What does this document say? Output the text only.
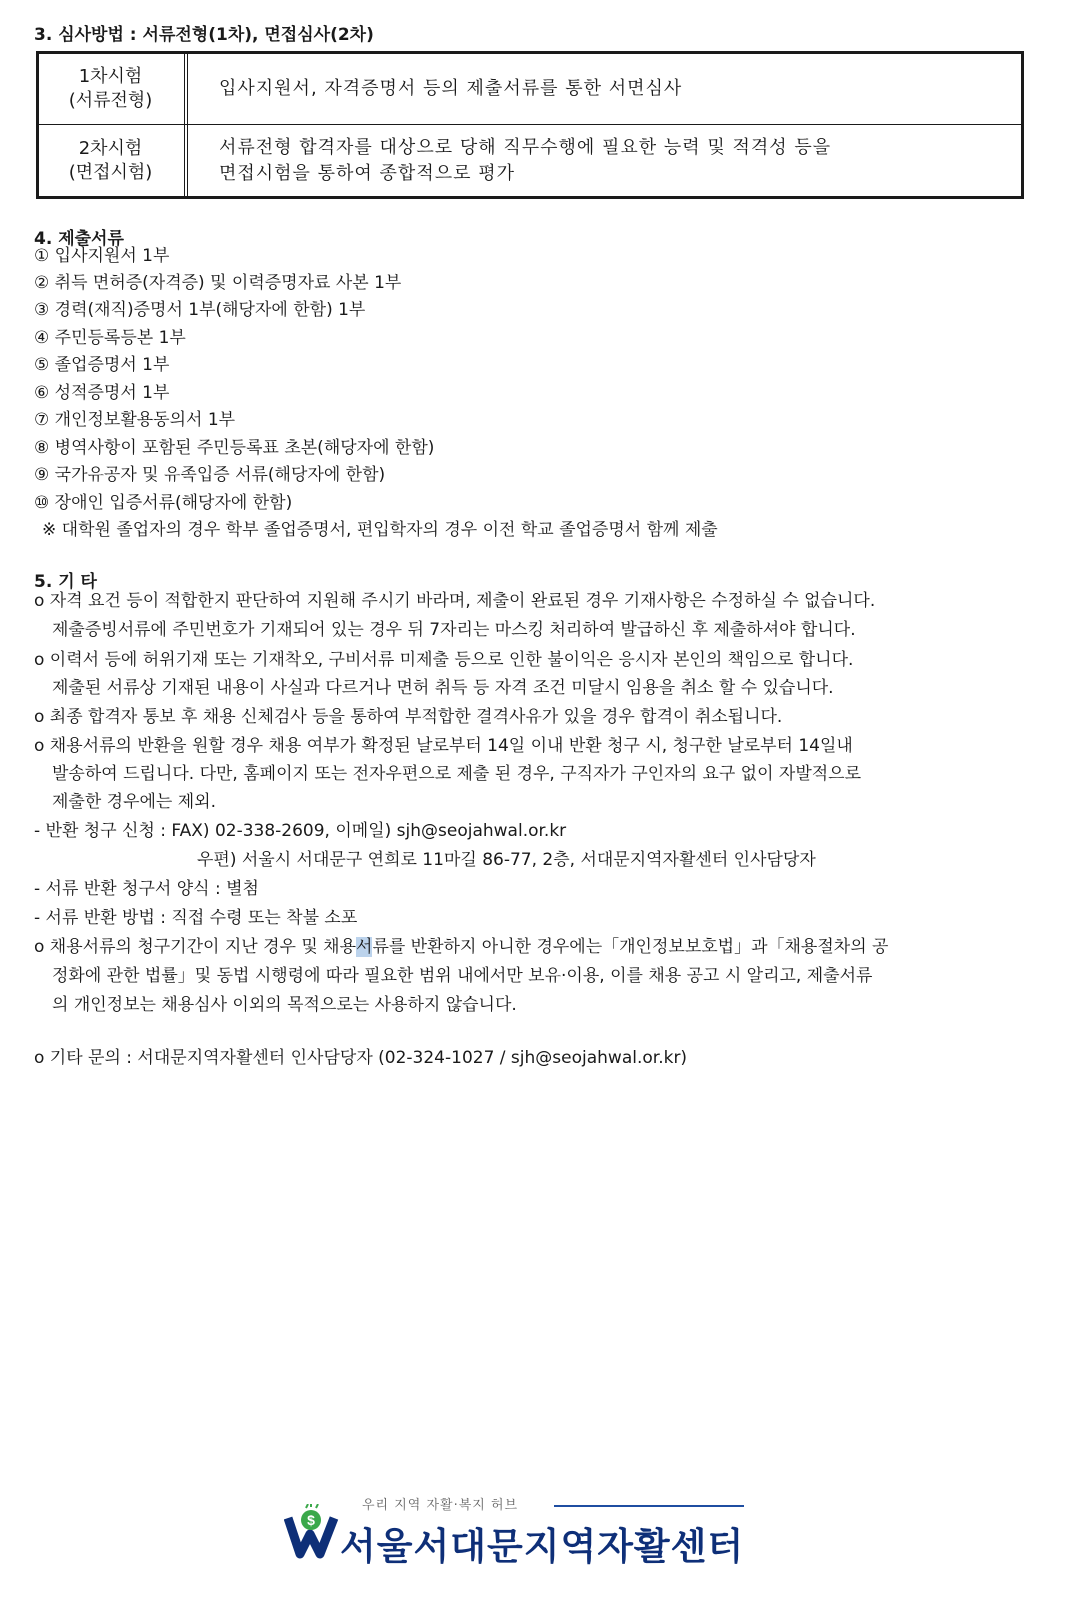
3. 심사방법 : 서류전형(1차), 면접심사(2차)
1차시험
(서류전형)
입사지원서, 자격증명서 등의 제출서류를 통한 서면심사
2차시험
(면접시험)
서류전형 합격자를 대상으로 당해 직무수행에 필요한 능력 및 적격성 등을
면접시험을 통하여 종합적으로 평가
4. 제출서류
① 입사지원서 1부
② 취득 면허증(자격증) 및 이력증명자료 사본 1부
③ 경력(재직)증명서 1부(해당자에 한함) 1부
④ 주민등록등본 1부
⑤ 졸업증명서 1부
⑥ 성적증명서 1부
⑦ 개인정보활용동의서 1부
⑧ 병역사항이 포함된 주민등록표 초본(해당자에 한함)
⑨ 국가유공자 및 유족입증 서류(해당자에 한함)
⑩ 장애인 입증서류(해당자에 한함)
※ 대학원 졸업자의 경우 학부 졸업증명서, 편입학자의 경우 이전 학교 졸업증명서 함께 제출
5. 기 타
o 자격 요건 등이 적합한지 판단하여 지원해 주시기 바라며, 제출이 완료된 경우 기재사항은 수정하실 수 없습니다.
제출증빙서류에 주민번호가 기재되어 있는 경우 뒤 7자리는 마스킹 처리하여 발급하신 후 제출하셔야 합니다.
o 이력서 등에 허위기재 또는 기재착오, 구비서류 미제출 등으로 인한 불이익은 응시자 본인의 책임으로 합니다.
제출된 서류상 기재된 내용이 사실과 다르거나 면허 취득 등 자격 조건 미달시 임용을 취소 할 수 있습니다.
o 최종 합격자 통보 후 채용 신체검사 등을 통하여 부적합한 결격사유가 있을 경우 합격이 취소됩니다.
o 채용서류의 반환을 원할 경우 채용 여부가 확정된 날로부터 14일 이내 반환 청구 시, 청구한 날로부터 14일내
발송하여 드립니다. 다만, 홈페이지 또는 전자우편으로 제출 된 경우, 구직자가 구인자의 요구 없이 자발적으로
제출한 경우에는 제외.
- 반환 청구 신청 : FAX) 02-338-2609, 이메일) sjh@seojahwal.or.kr
우편) 서울시 서대문구 연희로 11마길 86-77, 2층, 서대문지역자활센터 인사담당자
- 서류 반환 청구서 양식 : 별첨
- 서류 반환 방법 : 직접 수령 또는 착불 소포
o 채용서류의 청구기간이 지난 경우 및 채용서류를 반환하지 아니한 경우에는「개인정보보호법」과「채용절차의 공
정화에 관한 법률」및 동법 시행령에 따라 필요한 범위 내에서만 보유·이용, 이를 채용 공고 시 알리고, 제출서류
의 개인정보는 채용심사 이외의 목적으로는 사용하지 않습니다.
o 기타 문의 : 서대문지역자활센터 인사담당자 (02-324-1027 / sjh@seojahwal.or.kr)
$
우리 지역 자활·복지 허브
서울서대문지역자활센터
